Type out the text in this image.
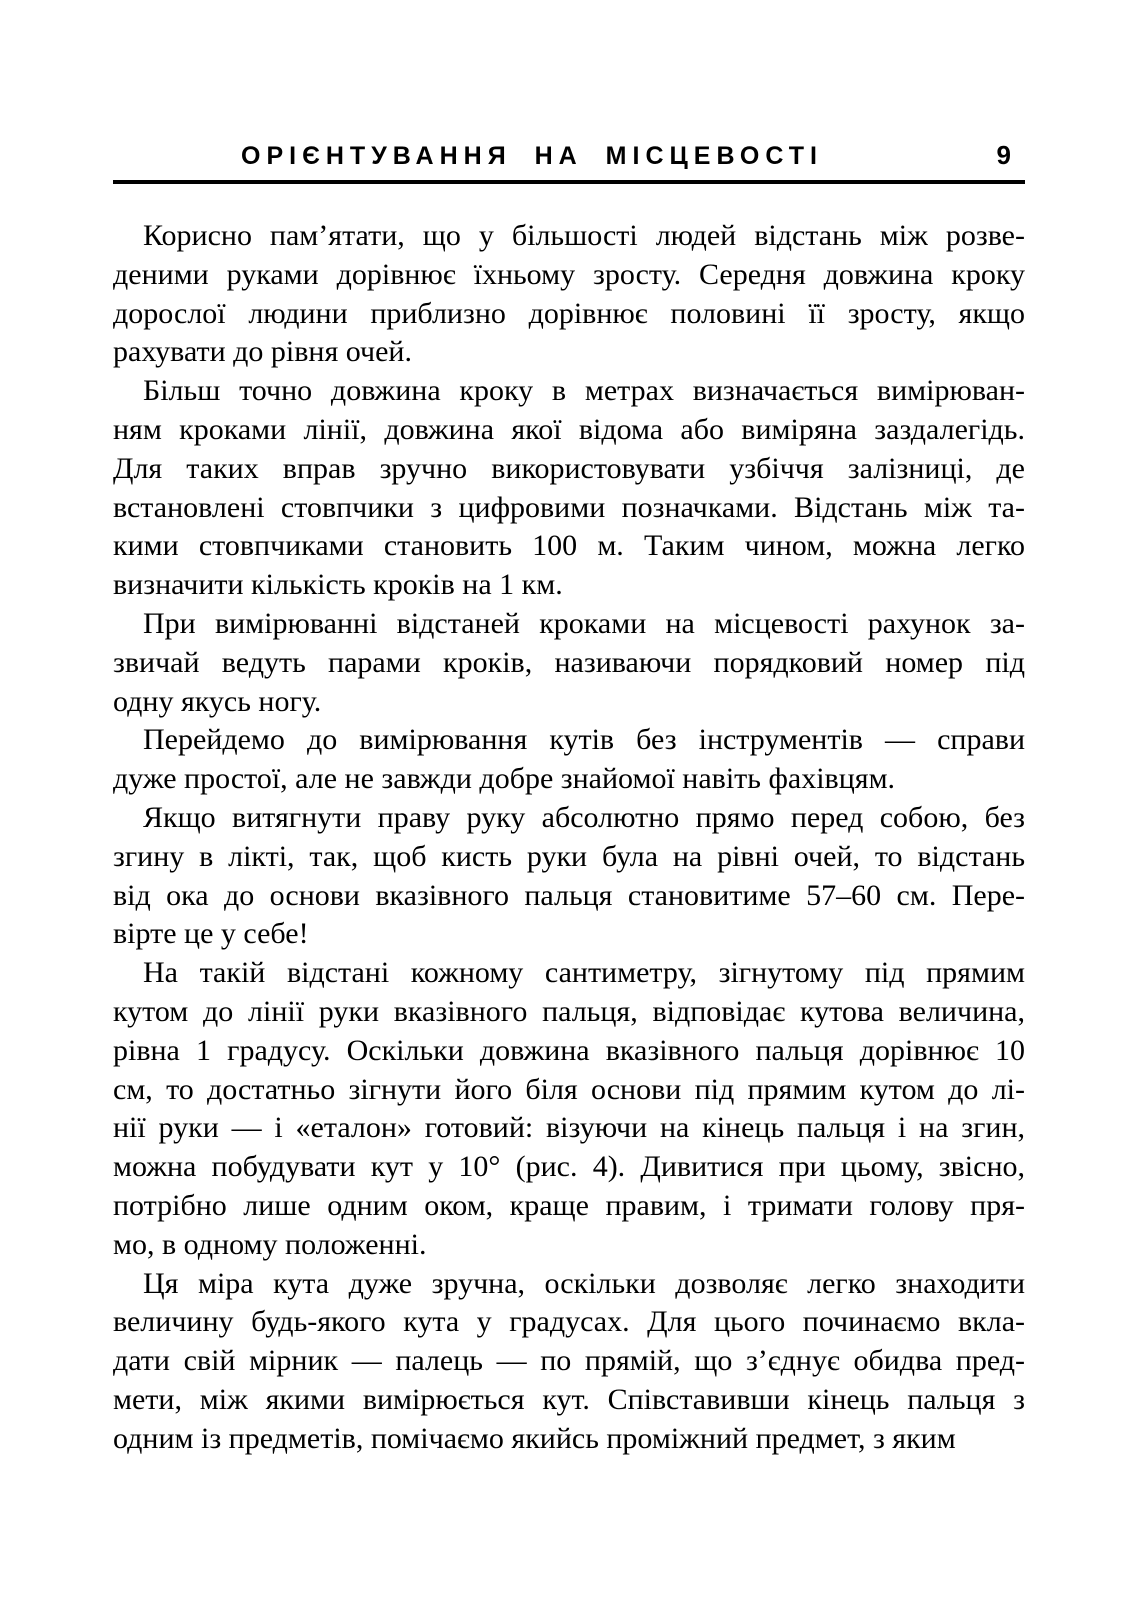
ОРІЄНТУВАННЯ НА МІСЦЕВОСТІ	9

Корисно пам’ятати, що у більшості людей відстань між розве-
деними руками дорівнює їхньому зросту. Середня довжина кроку
дорослої людини приблизно дорівнює половині її зросту, якщо
рахувати до рівня очей.

Більш точно довжина кроку в метрах визначається вимірюван-
ням кроками лінії, довжина якої відома або виміряна заздалегідь.
Для таких вправ зручно використовувати узбіччя залізниці, де
встановлені стовпчики з цифровими позначками. Відстань між та-
кими стовпчиками становить 100 м. Таким чином, можна легко
визначити кількість кроків на 1 км.

При вимірюванні відстаней кроками на місцевості рахунок за-
звичай ведуть парами кроків, називаючи порядковий номер під
одну якусь ногу.

Перейдемо до вимірювання кутів без інструментів — справи
дуже простої, але не завжди добре знайомої навіть фахівцям.

Якщо витягнути праву руку абсолютно прямо перед собою, без
згину в лікті, так, щоб кисть руки була на рівні очей, то відстань
від ока до основи вказівного пальця становитиме 57–60 см. Пере-
вірте це у себе!

На такій відстані кожному сантиметру, зігнутому під прямим
кутом до лінії руки вказівного пальця, відповідає кутова величина,
рівна 1 градусу. Оскільки довжина вказівного пальця дорівнює 10
см, то достатньо зігнути його біля основи під прямим кутом до лі-
нії руки — і «еталон» готовий: візуючи на кінець пальця і на згин,
можна побудувати кут у 10° (рис. 4). Дивитися при цьому, звісно,
потрібно лише одним оком, краще правим, і тримати голову пря-
мо, в одному положенні.

Ця міра кута дуже зручна, оскільки дозволяє легко знаходити
величину будь-якого кута у градусах. Для цього починаємо вкла-
дати свій мірник — палець — по прямій, що з’єднує обидва пред-
мети, між якими вимірюється кут. Співставивши кінець пальця з
одним із предметів, помічаємо якийсь проміжний предмет, з яким
